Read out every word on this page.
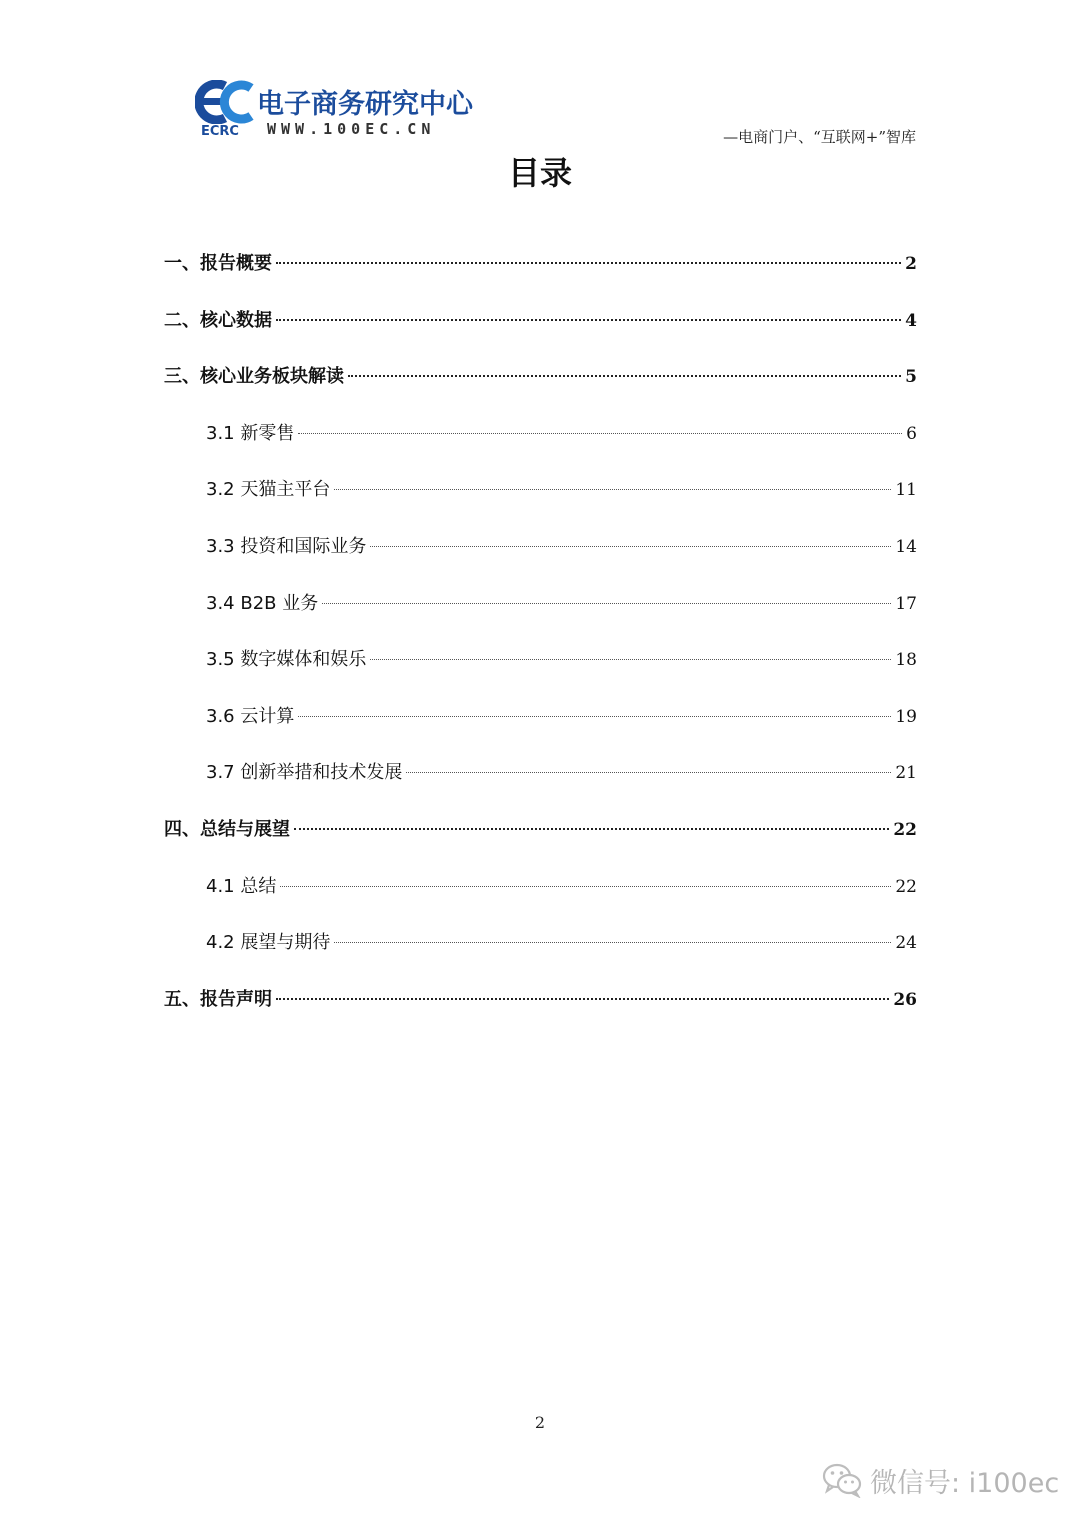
电子商务研究中心
ECRC WWW.100EC.CN	—电商门户、“互联网+”智库
目录
一、报告概要	2
二、核心数据	4
三、核心业务板块解读	5
3.1 新零售	6
3.2 天猫主平台	11
3.3 投资和国际业务	14
3.4 B2B 业务	17
3.5 数字媒体和娱乐	18
3.6 云计算	19
3.7 创新举措和技术发展	21
四、总结与展望	22
4.1 总结	22
4.2 展望与期待	24
五、报告声明	26
2
微信号: i100ec
